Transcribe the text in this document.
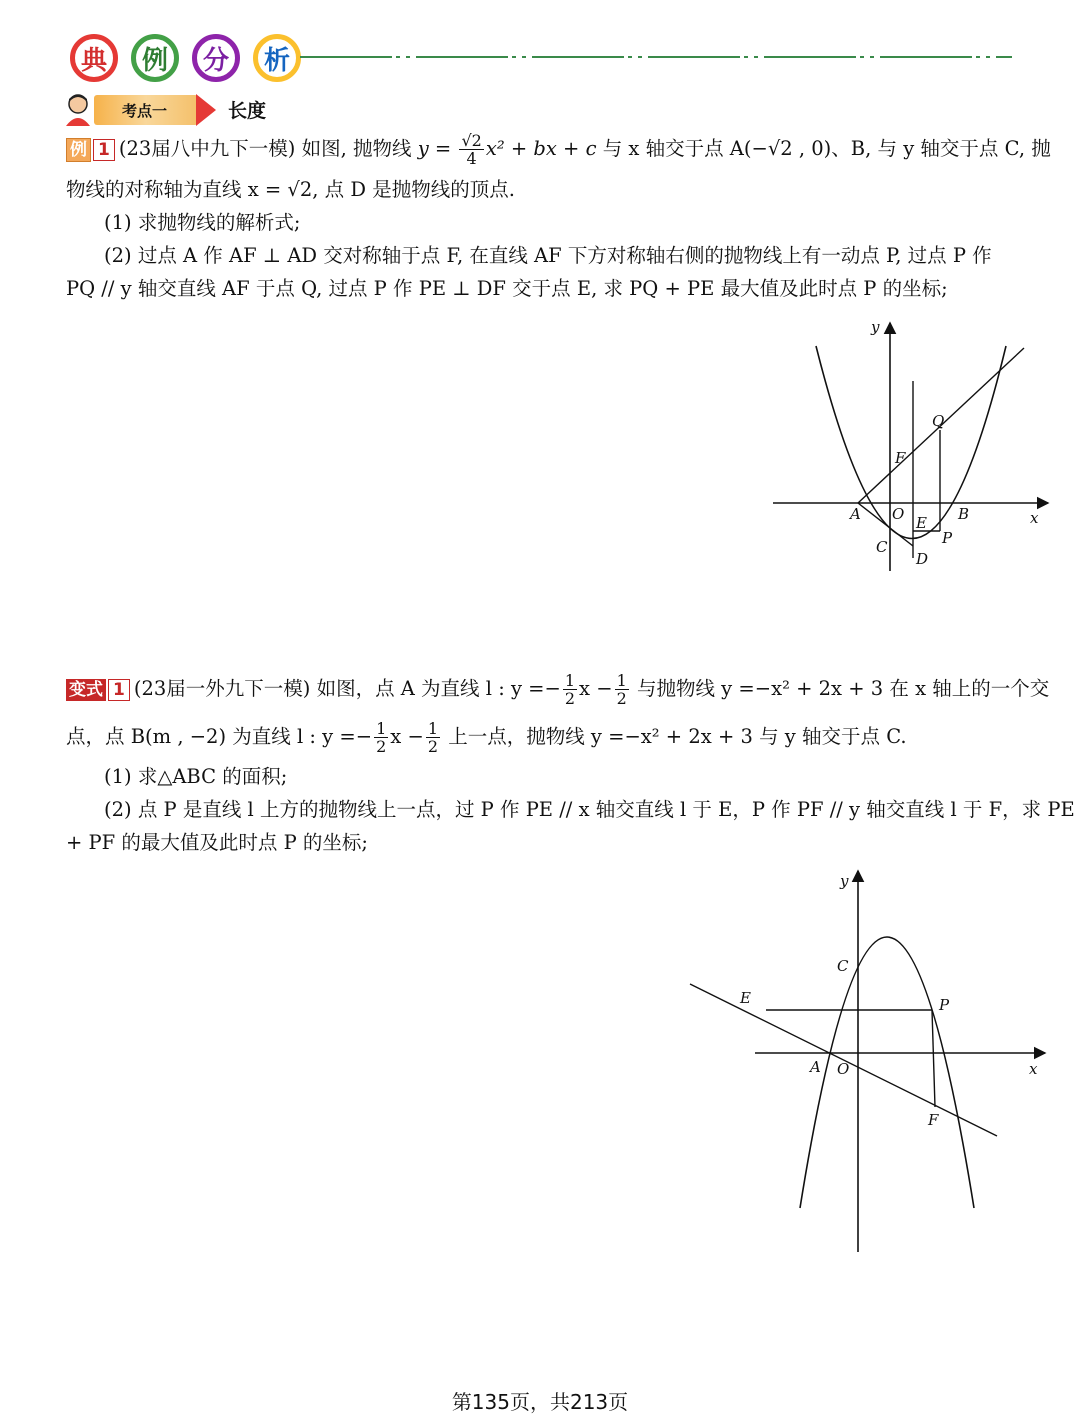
典	例	分	析
考点一	长度
例 1 (23届八中九下一模) 如图, 抛物线 $y = \frac{√2}{4} x^2$ + bx + c 与 x 轴交于点 A(−√2 , 0)、B, 与 y 轴交于点 C, 抛
物线的对称轴为直线 x = √2, 点 D 是抛物线的顶点.
(1) 求抛物线的解析式;
(2) 过点 A 作 AF ⊥ AD 交对称轴于点 F, 在直线 AF 下方对称轴右侧的抛物线上有一动点 P, 过点 P 作
PQ // y 轴交直线 AF 于点 Q, 过点 P 作 PE ⊥ DF 交于点 E, 求 PQ + PE 最大值及此时点 P 的坐标;
y
x
Q
F
A O E B
C	P
D
变式 1 (23届一外九下一模) 如图，点 A 为直线 l : $y =- \frac{1}{2}$ $x - \frac{1}{2}$ 与抛物线 y =−x² + 2x + 3 在 x 轴上的一个交
点，点 B(m , −2) 为直线 l : $y =- \frac{1}{2}$ $x - \frac{1}{2}$ 上一点，抛物线 y =−x² + 2x + 3 与 y 轴交于点 C.
(1) 求△ABC 的面积;
(2) 点 P 是直线 l 上方的抛物线上一点，过 P 作 PE // x 轴交直线 l 于 E，P 作 PF // y 轴交直线 l 于 F，求 PE
+ PF 的最大值及此时点 P 的坐标;
y
x
C
E	P
A O
F
第135页，共213页
